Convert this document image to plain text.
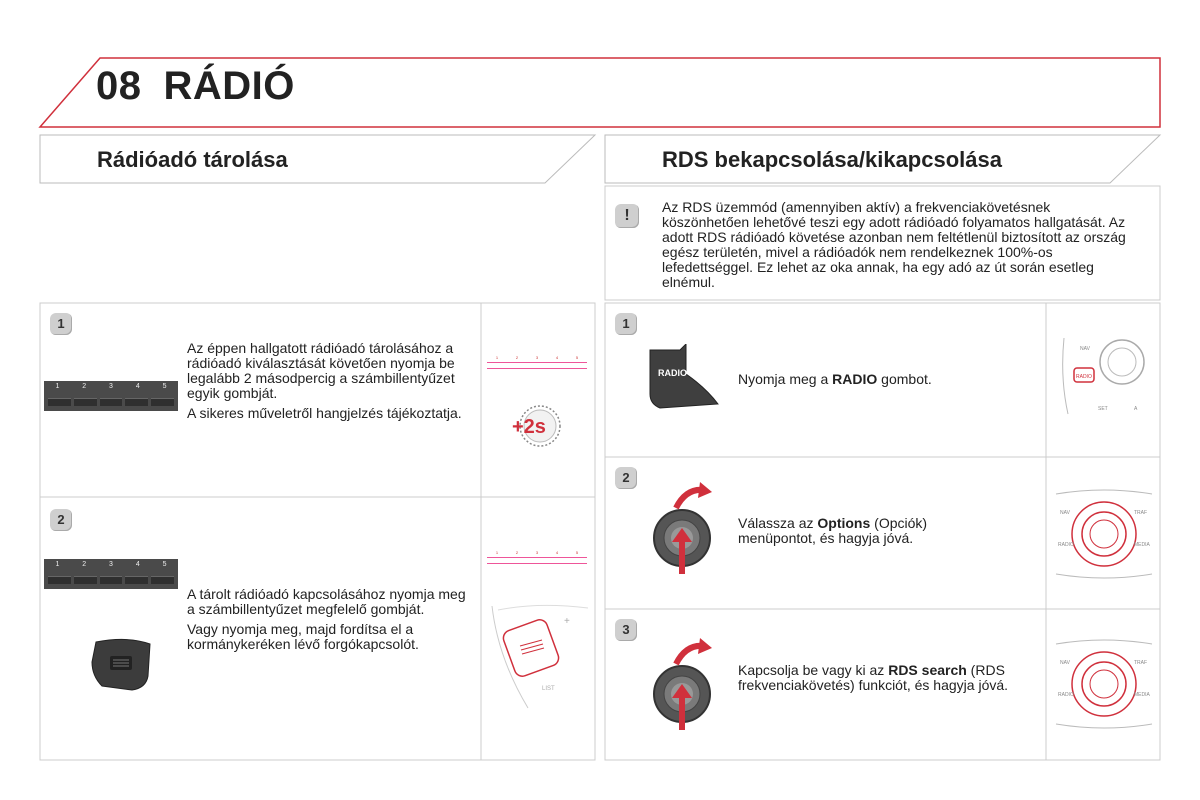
08 RÁDIÓ
Rádióadó tárolása	RDS bekapcsolása/kikapcsolása
1
1	2	3	4	5

Az éppen hallgatott rádióadó tárolásához a rádióadó kiválasztását követően nyomja be legalább 2 másodpercig a számbillentyűzet egyik gombját.

A sikeres műveletről hangjelzés tájékoztatja.

1	2	3	4	5
+2s
2
1	2	3	4	5

A tárolt rádióadó kapcsolásához nyomja meg a számbillentyűzet megfelelő gombját.

Vagy nyomja meg, majd fordítsa el a kormánykeréken lévő forgókapcsolót.

1	2	3	4	5
+
LIST
!	Az RDS üzemmód (amennyiben aktív) a frekvenciakövetésnek köszönhetően lehetővé teszi egy adott rádióadó folyamatos hallgatását. Az adott RDS rádióadó követése azonban nem feltétlenül biztosított az ország egész területén, mivel a rádióadók nem rendelkeznek 100%-os lefedettséggel. Ez lehet az oka annak, ha egy adó az út során esetleg elnémul.
1
RADIO	Nyomja meg a RADIO gombot.	RADIO
NAV
SET	A
2
Válassza az Options (Opciók) menüpontot, és hagyja jóvá.
NAV	TRAF
RADIO	MEDIA
3
Kapcsolja be vagy ki az RDS search (RDS frekvenciakövetés) funkciót, és hagyja jóvá.
NAV	TRAF
RADIO	MEDIA
